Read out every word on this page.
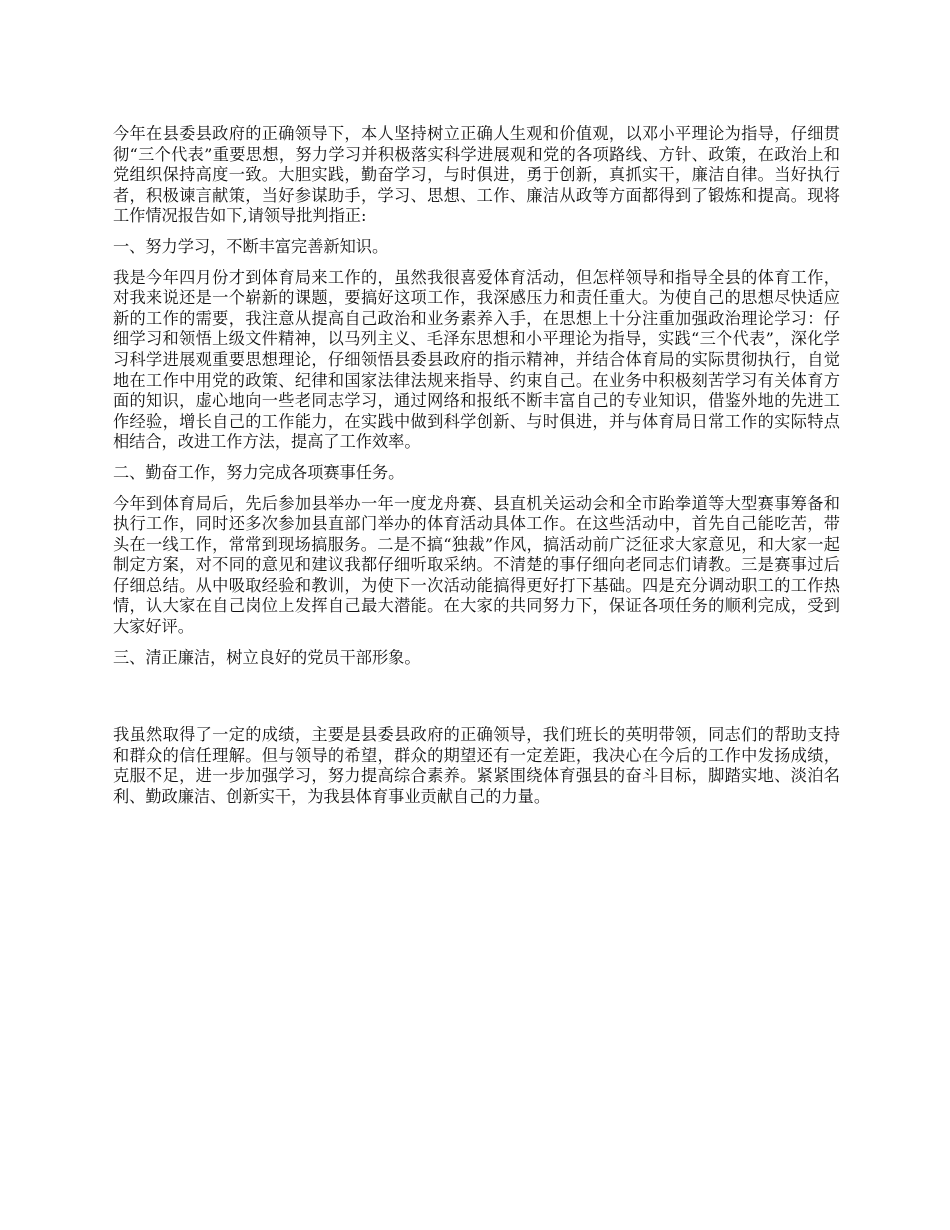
今年在县委县政府的正确领导下，本人坚持树立正确人生观和价值观，以邓小平理论为指导，仔细贯彻“三个代表”重要思想，努力学习并积极落实科学进展观和党的各项路线、方针、政策，在政治上和党组织保持高度一致。大胆实践，勤奋学习，与时俱进，勇于创新，真抓实干，廉洁自律。当好执行者，积极谏言献策，当好参谋助手，学习、思想、工作、廉洁从政等方面都得到了锻炼和提高。现将工作情况报告如下,请领导批判指正:

一、努力学习，不断丰富完善新知识。

我是今年四月份才到体育局来工作的，虽然我很喜爱体育活动，但怎样领导和指导全县的体育工作，对我来说还是一个崭新的课题，要搞好这项工作，我深感压力和责任重大。为使自己的思想尽快适应新的工作的需要，我注意从提高自己政治和业务素养入手，在思想上十分注重加强政治理论学习：仔细学习和领悟上级文件精神，以马列主义、毛泽东思想和小平理论为指导，实践“三个代表”，深化学习科学进展观重要思想理论，仔细领悟县委县政府的指示精神，并结合体育局的实际贯彻执行，自觉地在工作中用党的政策、纪律和国家法律法规来指导、约束自己。在业务中积极刻苦学习有关体育方面的知识，虚心地向一些老同志学习，通过网络和报纸不断丰富自己的专业知识，借鉴外地的先进工作经验，增长自己的工作能力，在实践中做到科学创新、与时俱进，并与体育局日常工作的实际特点相结合，改进工作方法，提高了工作效率。

二、勤奋工作，努力完成各项赛事任务。

今年到体育局后，先后参加县举办一年一度龙舟赛、县直机关运动会和全市跆拳道等大型赛事筹备和执行工作，同时还多次参加县直部门举办的体育活动具体工作。在这些活动中，首先自己能吃苦，带头在一线工作，常常到现场搞服务。二是不搞“独裁”作风，搞活动前广泛征求大家意见，和大家一起制定方案，对不同的意见和建议我都仔细听取采纳。不清楚的事仔细向老同志们请教。三是赛事过后仔细总结。从中吸取经验和教训，为使下一次活动能搞得更好打下基础。四是充分调动职工的工作热情，认大家在自己岗位上发挥自己最大潜能。在大家的共同努力下，保证各项任务的顺利完成，受到大家好评。

三、清正廉洁，树立良好的党员干部形象。

我虽然取得了一定的成绩，主要是县委县政府的正确领导，我们班长的英明带领，同志们的帮助支持和群众的信任理解。但与领导的希望，群众的期望还有一定差距，我决心在今后的工作中发扬成绩，克服不足，进一步加强学习，努力提高综合素养。紧紧围绕体育强县的奋斗目标，脚踏实地、淡泊名利、勤政廉洁、创新实干，为我县体育事业贡献自己的力量。
